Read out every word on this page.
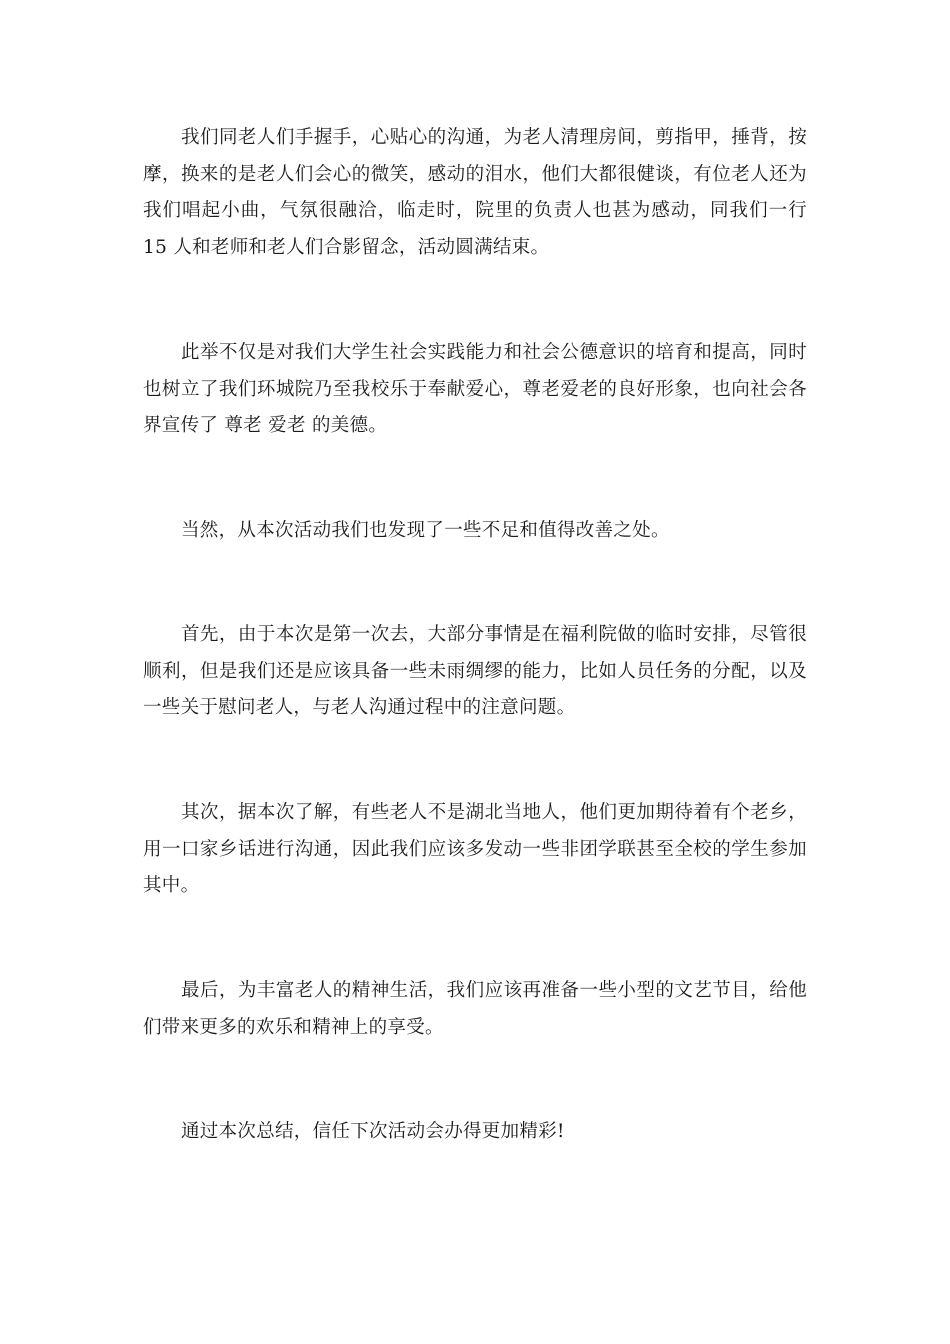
我们同老人们手握手，心贴心的沟通，为老人清理房间，剪指甲，捶背，按摩，换来的是老人们会心的微笑，感动的泪水，他们大都很健谈，有位老人还为我们唱起小曲，气氛很融洽，临走时，院里的负责人也甚为感动，同我们一行 15 人和老师和老人们合影留念，活动圆满结束。

此举不仅是对我们大学生社会实践能力和社会公德意识的培育和提高，同时也树立了我们环城院乃至我校乐于奉献爱心，尊老爱老的良好形象，也向社会各界宣传了 尊老 爱老 的美德。

当然，从本次活动我们也发现了一些不足和值得改善之处。

首先，由于本次是第一次去，大部分事情是在福利院做的临时安排，尽管很顺利，但是我们还是应该具备一些未雨绸缪的能力，比如人员任务的分配，以及一些关于慰问老人，与老人沟通过程中的注意问题。

其次，据本次了解，有些老人不是湖北当地人，他们更加期待着有个老乡，用一口家乡话进行沟通，因此我们应该多发动一些非团学联甚至全校的学生参加其中。

最后，为丰富老人的精神生活，我们应该再准备一些小型的文艺节目，给他们带来更多的欢乐和精神上的享受。

通过本次总结，信任下次活动会办得更加精彩!
